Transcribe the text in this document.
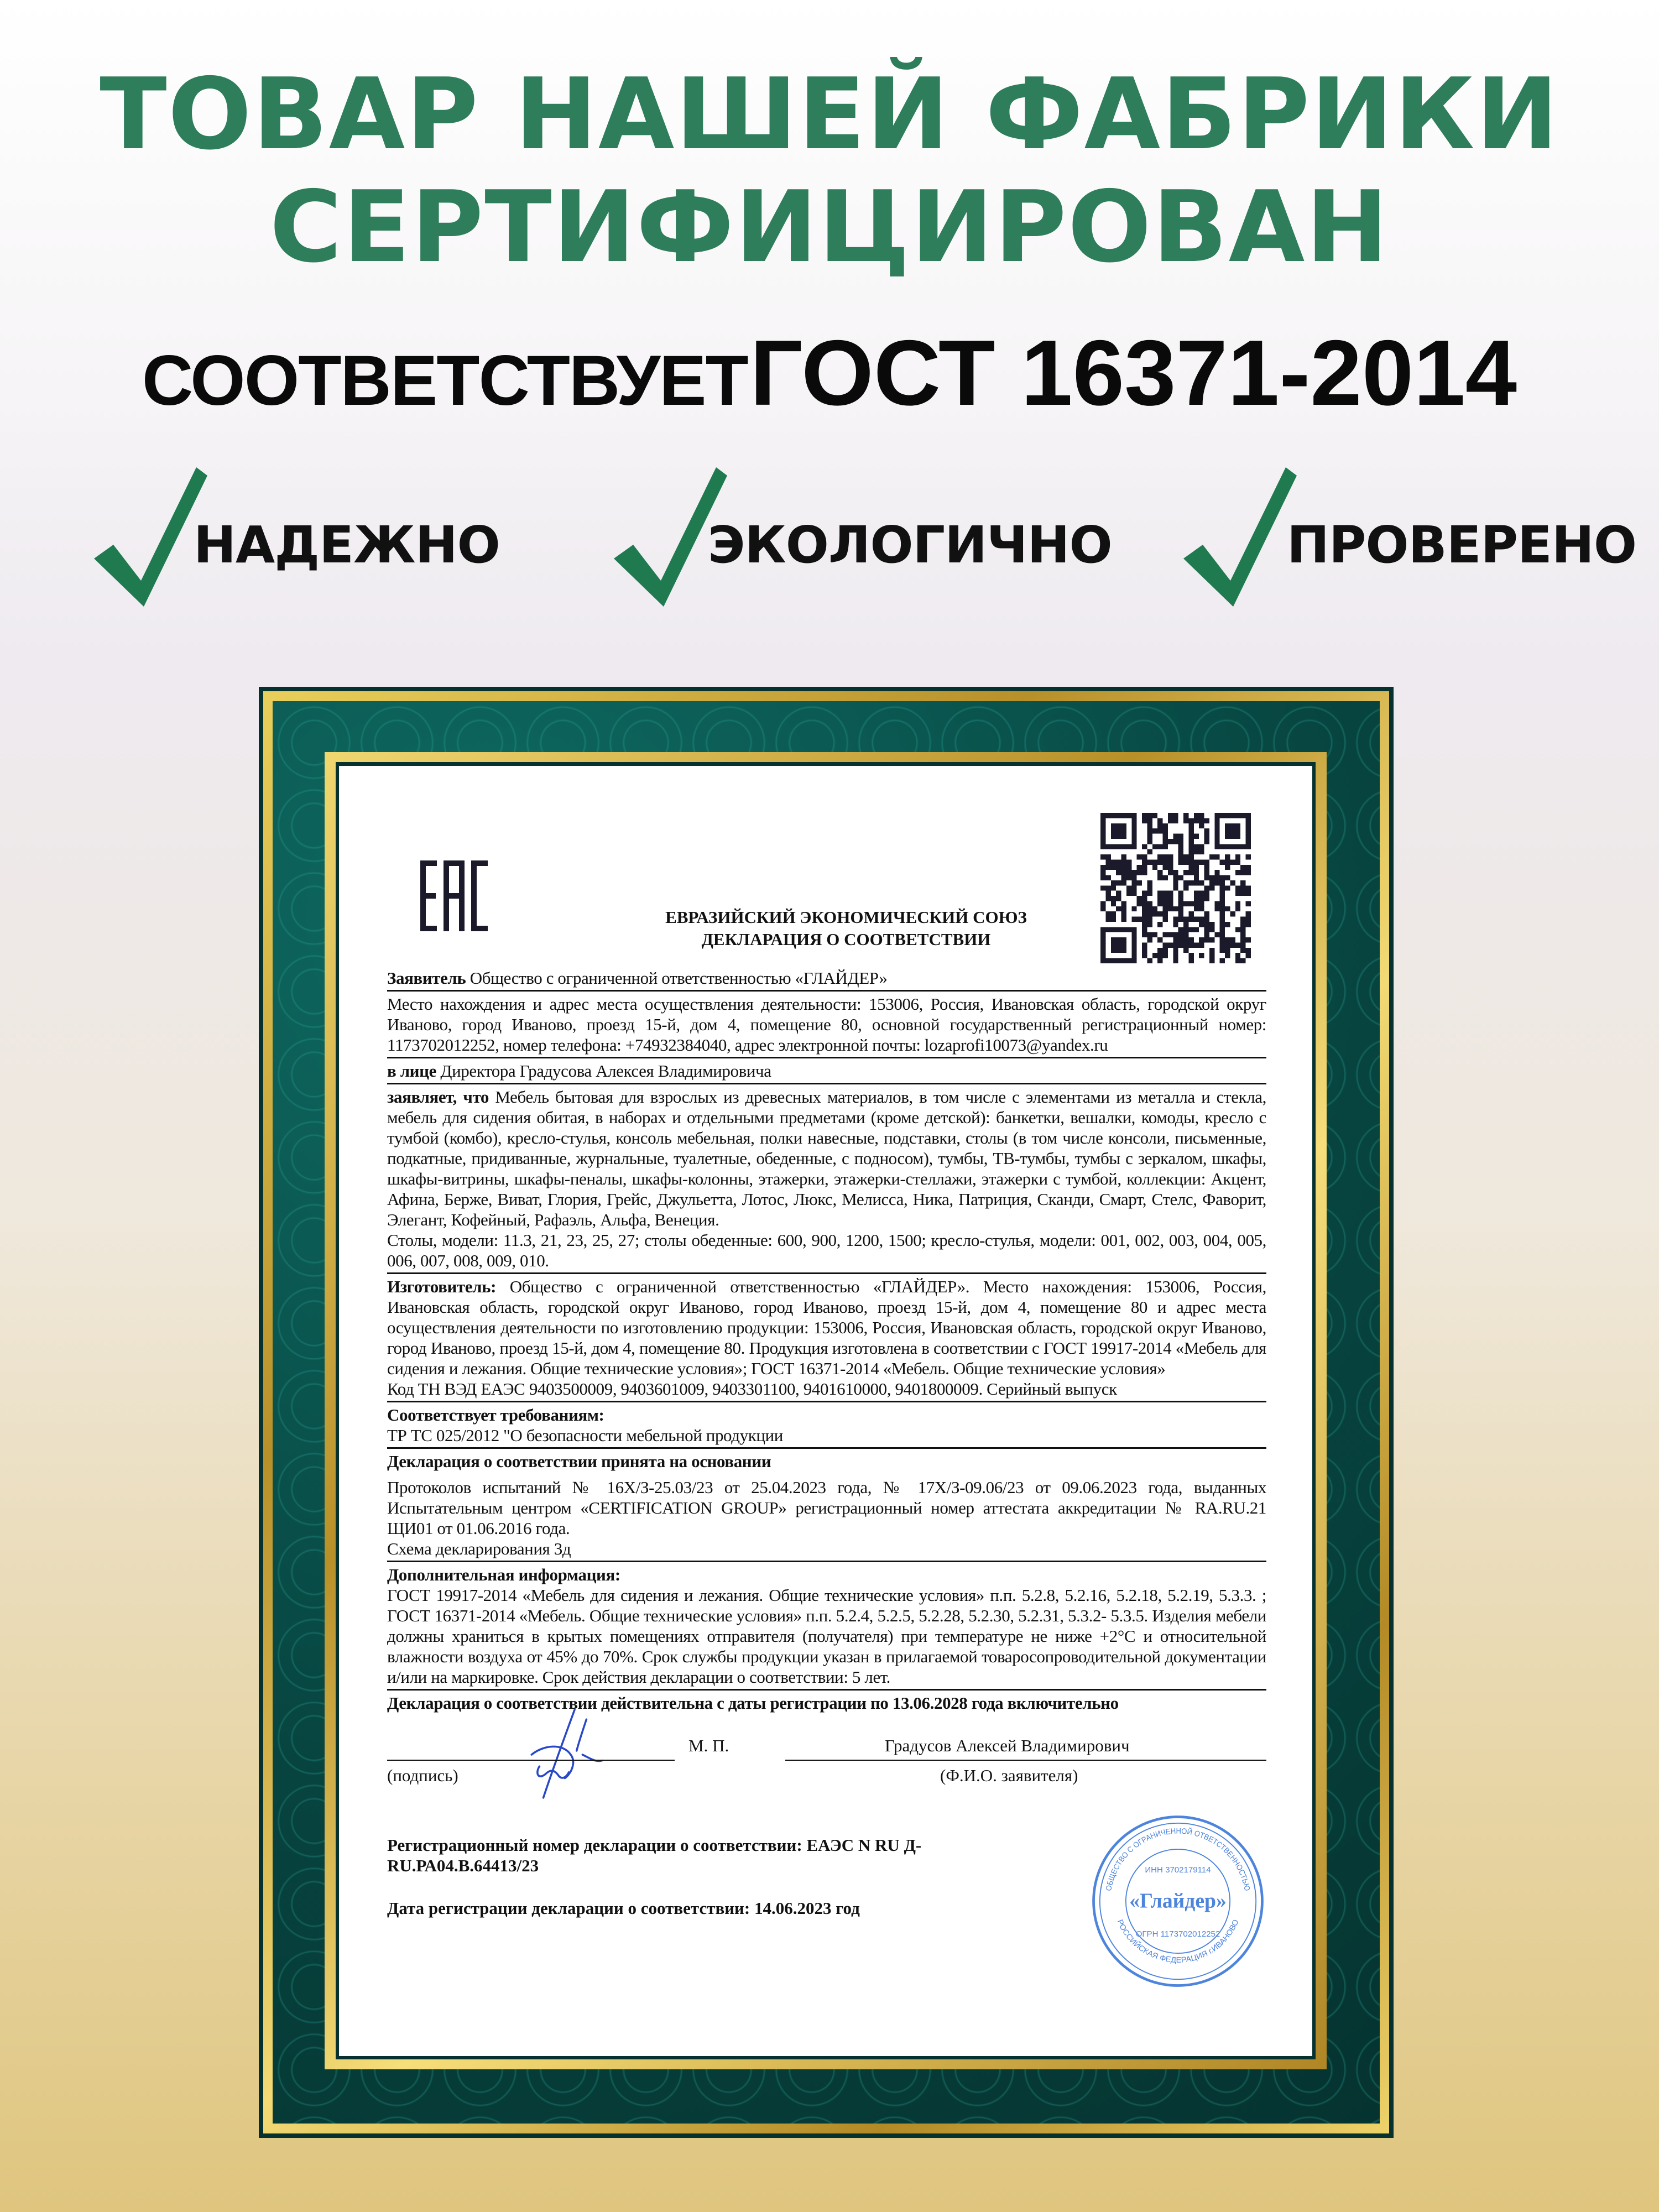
ТОВАР НАШЕЙ ФАБРИКИ
СЕРТИФИЦИРОВАН
СООТВЕТСТВУЕТ ГОСТ 16371-2014
НАДЕЖНО	ЭКОЛОГИЧНО	ПРОВЕРЕНО
ЕВРАЗИЙСКИЙ ЭКОНОМИЧЕСКИЙ СОЮЗ
ДЕКЛАРАЦИЯ О СООТВЕТСТВИИ
Заявитель Общество с ограниченной ответственностью «ГЛАЙДЕР»
Место нахождения и адрес места осуществления деятельности: 153006, Россия, Ивановская область, городской округ Иваново, город Иваново, проезд 15-й, дом 4, помещение 80, основной государственный регистрационный номер: 1173702012252, номер телефона: +74932384040, адрес электронной почты: lozaprofi10073@yandex.ru
в лице Директора Градусова Алексея Владимировича
заявляет, что Мебель бытовая для взрослых из древесных материалов, в том числе с элементами из металла и стекла, мебель для сидения обитая, в наборах и отдельными предметами (кроме детской): банкетки, вешалки, комоды, кресло с тумбой (комбо), кресло-стулья, консоль мебельная, полки навесные, подставки, столы (в том числе консоли, письменные, подкатные, придиванные, журнальные, туалетные, обеденные, с подносом), тумбы, ТВ-тумбы, тумбы с зеркалом, шкафы, шкафы-витрины, шкафы-пеналы, шкафы-колонны, этажерки, этажерки-стеллажи, этажерки с тумбой, коллекции: Акцент, Афина, Берже, Виват, Глория, Грейс, Джульетта, Лотос, Люкс, Мелисса, Ника, Патриция, Сканди, Смарт, Стелс, Фаворит, Элегант, Кофейный, Рафаэль, Альфа, Венеция.
Столы, модели: 11.3, 21, 23, 25, 27; столы обеденные: 600, 900, 1200, 1500; кресло-стулья, модели: 001, 002, 003, 004, 005, 006, 007, 008, 009, 010.
Изготовитель: Общество с ограниченной ответственностью «ГЛАЙДЕР». Место нахождения: 153006, Россия, Ивановская область, городской округ Иваново, город Иваново, проезд 15-й, дом 4, помещение 80 и адрес места осуществления деятельности по изготовлению продукции: 153006, Россия, Ивановская область, городской округ Иваново, город Иваново, проезд 15-й, дом 4, помещение 80. Продукция изготовлена в соответствии с ГОСТ 19917-2014 «Мебель для сидения и лежания. Общие технические условия»; ГОСТ 16371-2014 «Мебель. Общие технические условия»
Код ТН ВЭД ЕАЭС 9403500009, 9403601009, 9403301100, 9401610000, 9401800009. Серийный выпуск
Соответствует требованиям:
ТР ТС 025/2012 "О безопасности мебельной продукции
Декларация о соответствии принята на основании
Протоколов испытаний № 16Х/З-25.03/23 от 25.04.2023 года, № 17Х/З-09.06/23 от 09.06.2023 года, выданных Испытательным центром «CERTIFICATION GROUP» регистрационный номер аттестата аккредитации № RA.RU.21 ЩИ01 от 01.06.2016 года.
Схема декларирования 3д
Дополнительная информация:
ГОСТ 19917-2014 «Мебель для сидения и лежания. Общие технические условия» п.п. 5.2.8, 5.2.16, 5.2.18, 5.2.19, 5.3.3. ; ГОСТ 16371-2014 «Мебель. Общие технические условия» п.п. 5.2.4, 5.2.5, 5.2.28, 5.2.30, 5.2.31, 5.3.2- 5.3.5. Изделия мебели должны храниться в крытых помещениях отправителя (получателя) при температуре не ниже +2°С и относительной влажности воздуха от 45% до 70%. Срок службы продукции указан в прилагаемой товаросопроводительной документации и/или на маркировке. Срок действия декларации о соответствии: 5 лет.
Декларация о соответствии действительна с даты регистрации по 13.06.2028 года включительно
М. П.	Градусов Алексей Владимирович
(подпись)	(Ф.И.О. заявителя)
Регистрационный номер декларации о соответствии: ЕАЭС N RU Д-RU.РА04.В.64413/23
Дата регистрации декларации о соответствии: 14.06.2023 год
ОБЩЕСТВО С ОГРАНИЧЕННОЙ ОТВЕТСТВЕННОСТЬЮ
РОССИЙСКАЯ ФЕДЕРАЦИЯ г.ИВАНОВО
ИНН 3702179114
ОГРН 1173702012252
«Глайдер»
